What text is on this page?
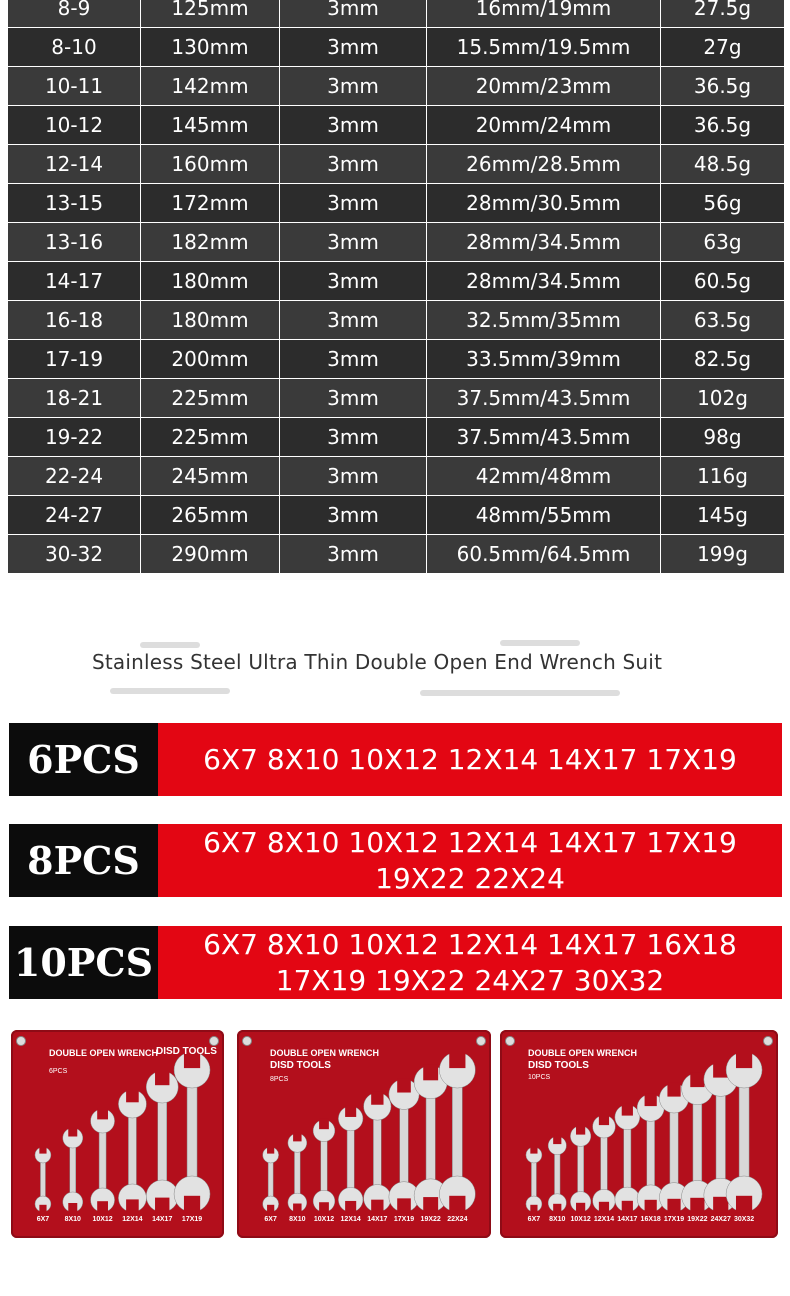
8-9	125mm	3mm	16mm/19mm	27.5g
8-10	130mm	3mm	15.5mm/19.5mm	27g
10-11	142mm	3mm	20mm/23mm	36.5g
10-12	145mm	3mm	20mm/24mm	36.5g
12-14	160mm	3mm	26mm/28.5mm	48.5g
13-15	172mm	3mm	28mm/30.5mm	56g
13-16	182mm	3mm	28mm/34.5mm	63g
14-17	180mm	3mm	28mm/34.5mm	60.5g
16-18	180mm	3mm	32.5mm/35mm	63.5g
17-19	200mm	3mm	33.5mm/39mm	82.5g
18-21	225mm	3mm	37.5mm/43.5mm	102g
19-22	225mm	3mm	37.5mm/43.5mm	98g
22-24	245mm	3mm	42mm/48mm	116g
24-27	265mm	3mm	48mm/55mm	145g
30-32	290mm	3mm	60.5mm/64.5mm	199g
Stainless Steel Ultra Thin Double Open End Wrench Suit
6PCS	6X7 8X10 10X12 12X14 14X17 17X19
8PCS	6X7 8X10 10X12 12X14 14X17 17X19
19X22 22X24
10PCS 6X7 8X10 10X12 12X14 14X17 16X18
17X19 19X22 24X27 30X32
DOUBLE OPEN WRENCH
DISD TOOLS
6PCS
6X7 8X10 10X12 12X14 14X17 17X19
DOUBLE OPEN WRENCH
DISD TOOLS
8PCS
6X7 8X10 10X12 12X14 14X17 17X19 19X22 22X24
DOUBLE OPEN WRENCH
DISD TOOLS
10PCS
6X7 8X10 10X12 12X14 14X17 16X18 17X19 19X22 24X27 30X32
